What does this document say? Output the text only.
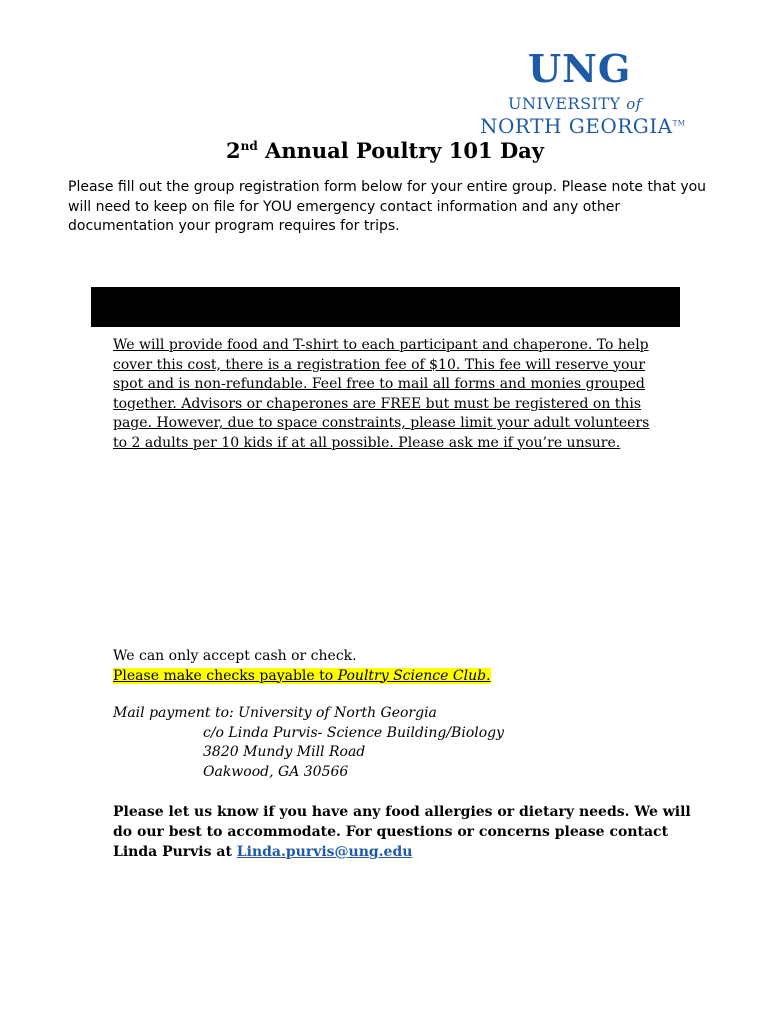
UNG
UNIVERSITY of
NORTH GEORGIA™
2nd Annual Poultry 101 Day
Please fill out the group registration form below for your entire group. Please note that you will need to keep on file for YOU emergency contact information and any other documentation your program requires for trips.
We will provide food and T-shirt to each participant and chaperone. To help
cover this cost, there is a registration fee of $10. This fee will reserve your
spot and is non-refundable. Feel free to mail all forms and monies grouped
together. Advisors or chaperones are FREE but must be registered on this
page. However, due to space constraints, please limit your adult volunteers
to 2 adults per 10 kids if at all possible. Please ask me if you’re unsure.
We can only accept cash or check.
Please make checks payable to Poultry Science Club.
Mail payment to: University of North Georgia
c/o Linda Purvis- Science Building/Biology
3820 Mundy Mill Road
Oakwood, GA 30566
Please let us know if you have any food allergies or dietary needs. We will do our best to accommodate. For questions or concerns please contact Linda Purvis at Linda.purvis@ung.edu
